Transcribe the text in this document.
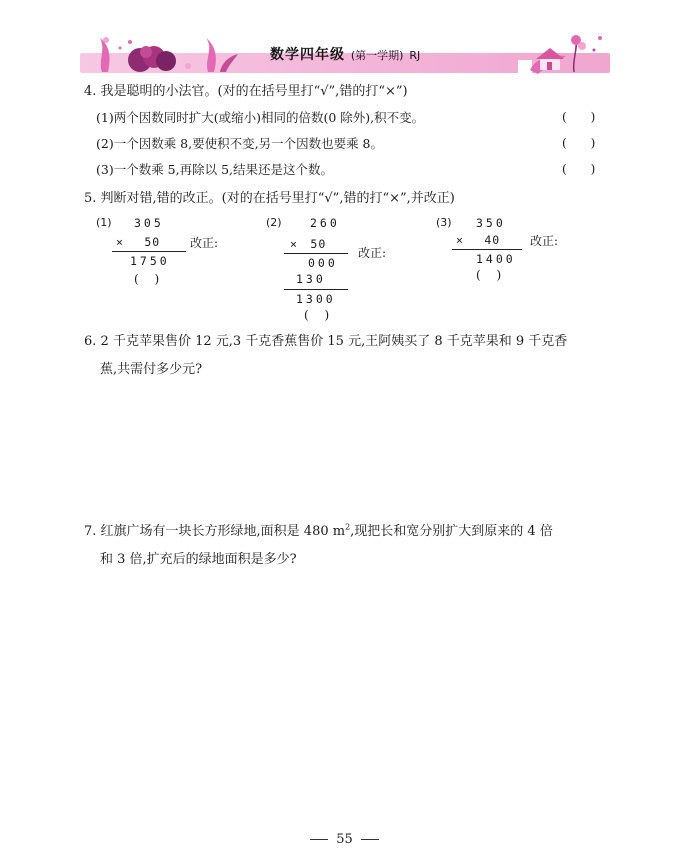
数学四年级 (第一学期) RJ
4. 我是聪明的小法官。(对的在括号里打“√”,错的打“×”)
(1)两个因数同时扩大(或缩小)相同的倍数(0 除外),积不变。	(　　)
(2)一个因数乘 8,要使积不变,另一个因数也要乘 8。	(　　)
(3)一个数乘 5,再除以 5,结果还是这个数。	(　　)
5. 判断对错,错的改正。(对的在括号里打“√”,错的打“×”,并改正)
(1) 305
×　 50
1750
(　 )
改正:
(2) 260
×　50
000
130
1300
(　 )
改正:
(3) 350
×　 40
1400
(　 )
改正:
6. 2 千克苹果售价 12 元,3 千克香蕉售价 15 元,王阿姨买了 8 千克苹果和 9 千克香
蕉,共需付多少元?
7. 红旗广场有一块长方形绿地,面积是 480 $m^2$,现把长和宽分别扩大到原来的 4 倍
和 3 倍,扩充后的绿地面积是多少?
55
